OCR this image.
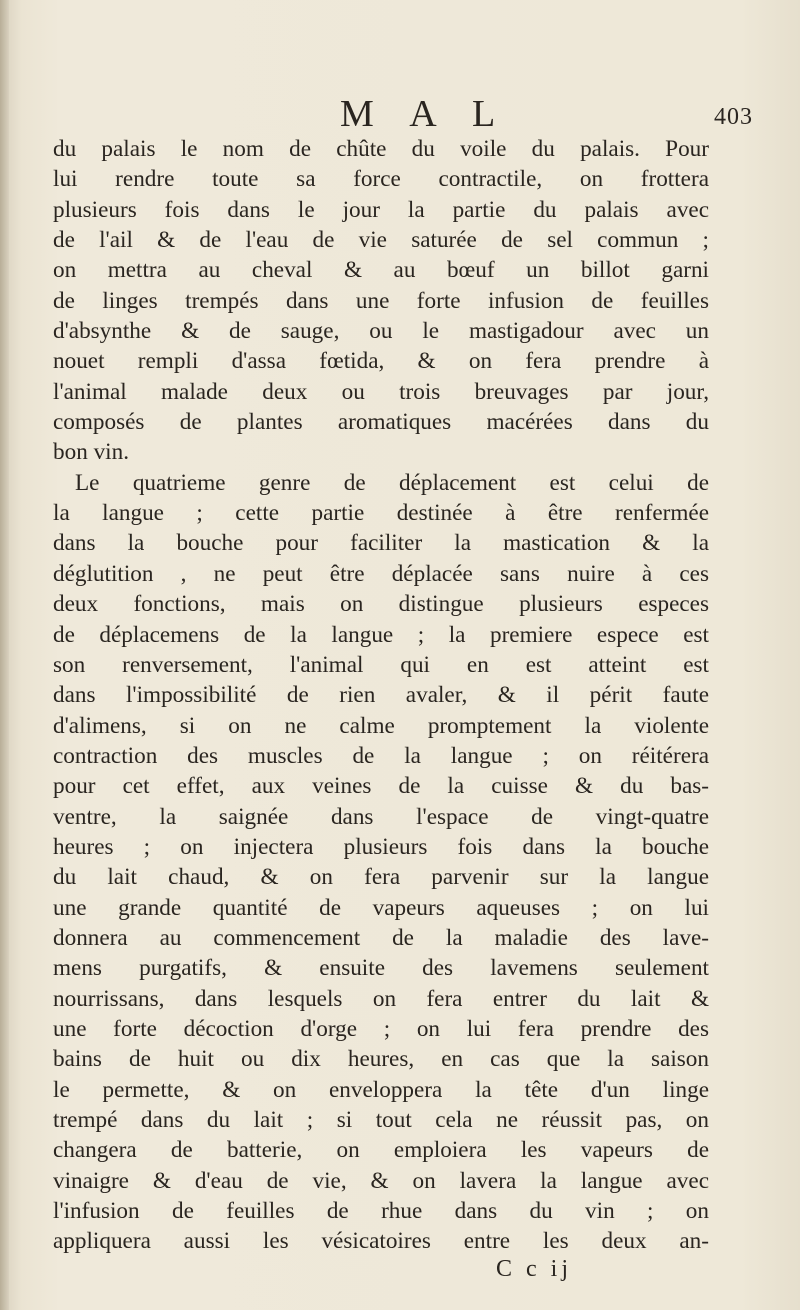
M A L	403
du palais le nom de chûte du voile du palais. Pour
lui rendre toute sa force contractile, on frottera
plusieurs fois dans le jour la partie du palais avec
de l'ail & de l'eau de vie saturée de sel commun ;
on mettra au cheval & au bœuf un billot garni
de linges trempés dans une forte infusion de feuilles
d'absynthe & de sauge, ou le mastigadour avec un
nouet rempli d'assa fœtida, & on fera prendre à
l'animal malade deux ou trois breuvages par jour,
composés de plantes aromatiques macérées dans du
bon vin.
Le quatrieme genre de déplacement est celui de
la langue ; cette partie destinée à être renfermée
dans la bouche pour faciliter la mastication & la
déglutition , ne peut être déplacée sans nuire à ces
deux fonctions, mais on distingue plusieurs especes
de déplacemens de la langue ; la premiere espece est
son renversement, l'animal qui en est atteint est
dans l'impossibilité de rien avaler, & il périt faute
d'alimens, si on ne calme promptement la violente
contraction des muscles de la langue ; on réitérera
pour cet effet, aux veines de la cuisse & du bas-
ventre, la saignée dans l'espace de vingt-quatre
heures ; on injectera plusieurs fois dans la bouche
du lait chaud, & on fera parvenir sur la langue
une grande quantité de vapeurs aqueuses ; on lui
donnera au commencement de la maladie des lave-
mens purgatifs, & ensuite des lavemens seulement
nourrissans, dans lesquels on fera entrer du lait &
une forte décoction d'orge ; on lui fera prendre des
bains de huit ou dix heures, en cas que la saison
le permette, & on enveloppera la tête d'un linge
trempé dans du lait ; si tout cela ne réussit pas, on
changera de batterie, on emploiera les vapeurs de
vinaigre & d'eau de vie, & on lavera la langue avec
l'infusion de feuilles de rhue dans du vin ; on
appliquera aussi les vésicatoires entre les deux an-
C c ij
